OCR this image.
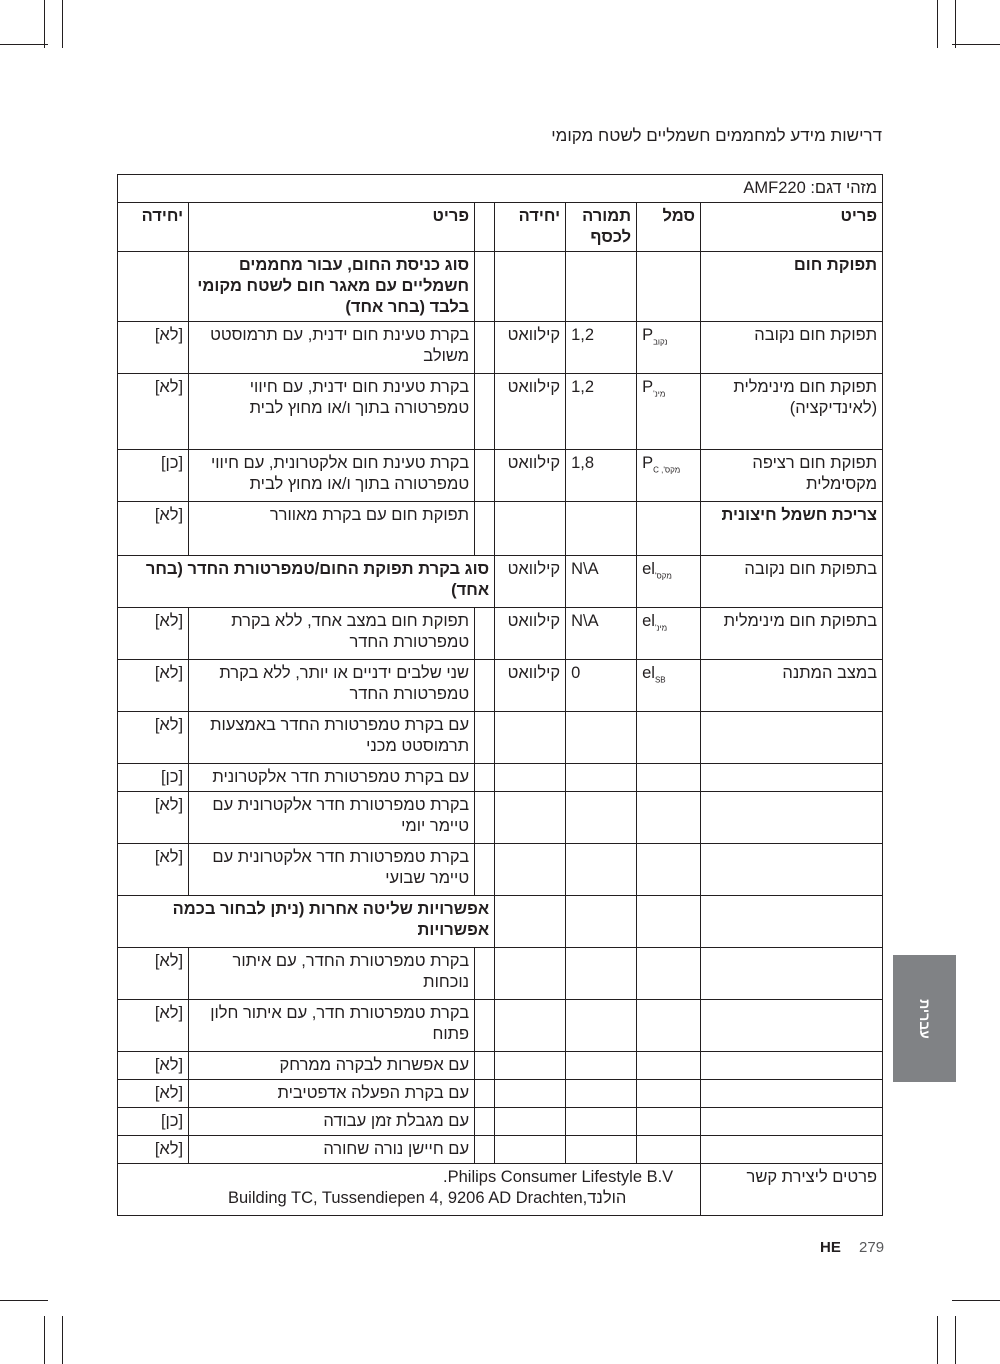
דרישות מידע למחממים חשמליים לשטח מקומי
מזהי דגם: AMF220						
פריט	סמל	תמורה לכסף	יחידה		פריט	יחידה
תפוקת חום					סוג כניסת החום, עבור מחממים חשמליים עם מאגר חום לשטח מקומי בלבד (בחר אחד)	
תפוקת חום נקובה	$P_{נקוב}$	1,2	קילוואט		בקרת טעינת חום ידנית, עם תרמוסטט משולב	[לא]
תפוקת חום מינימלית (לאינדיקציה)	$P_{מינ'}$	1,2	קילוואט		בקרת טעינת חום ידנית, עם חיווי טמפרטורה בתוך ו/או מחוץ לבית	[לא]
תפוקת חום רציפה מקסימלית	$P_{מקס', C}$	1,8	קילוואט		בקרת טעינת חום אלקטרונית, עם חיווי טמפרטורה בתוך ו/או מחוץ לבית	[כן]
צריכת חשמל חיצונית					תפוקת חום עם בקרת מאוורר	[לא]
בתפוקת חום נקובה	$el_{מקס'}$	N\A	קילוואט	סוג בקרת תפוקת החום/טמפרטורת החדר (בחר אחד)		
בתפוקת חום מינימלית	$el_{מינ'}$	N\A	קילוואט		תפוקת חום במצב אחד, ללא בקרת טמפרטורת החדר	[לא]
במצב המתנה	$el_{SB}$	0	קילוואט		שני שלבים ידניים או יותר, ללא בקרת טמפרטורת החדר	[לא]
					עם בקרת טמפרטורת החדר באמצעות תרמוסטט מכני	[לא]
					עם בקרת טמפרטורת חדר אלקטרונית	[כן]
					בקרת טמפרטורת חדר אלקטרונית עם טיימר יומי	[לא]
					בקרת טמפרטורת חדר אלקטרונית עם טיימר שבועי	[לא]
				אפשרויות שליטה אחרות (ניתן לבחור בכמה אפשרויות		
					בקרת טמפרטורת החדר, עם איתור נוכחות	[לא]
					בקרת טמפרטורת חדר, עם איתור חלון פתוח	[לא]
					עם אפשרות לבקרה ממרחק	[לא]
					עם בקרת הפעלה אדפטיבית	[לא]
					עם מגבלת זמן עבודה	[כן]
					עם חיישן נורה שחורה	[לא]
פרטים ליצירת קשר	Philips Consumer Lifestyle B.V.
הולנד,Building TC, Tussendiepen 4, 9206 AD Drachten					
עברית
HE 279
